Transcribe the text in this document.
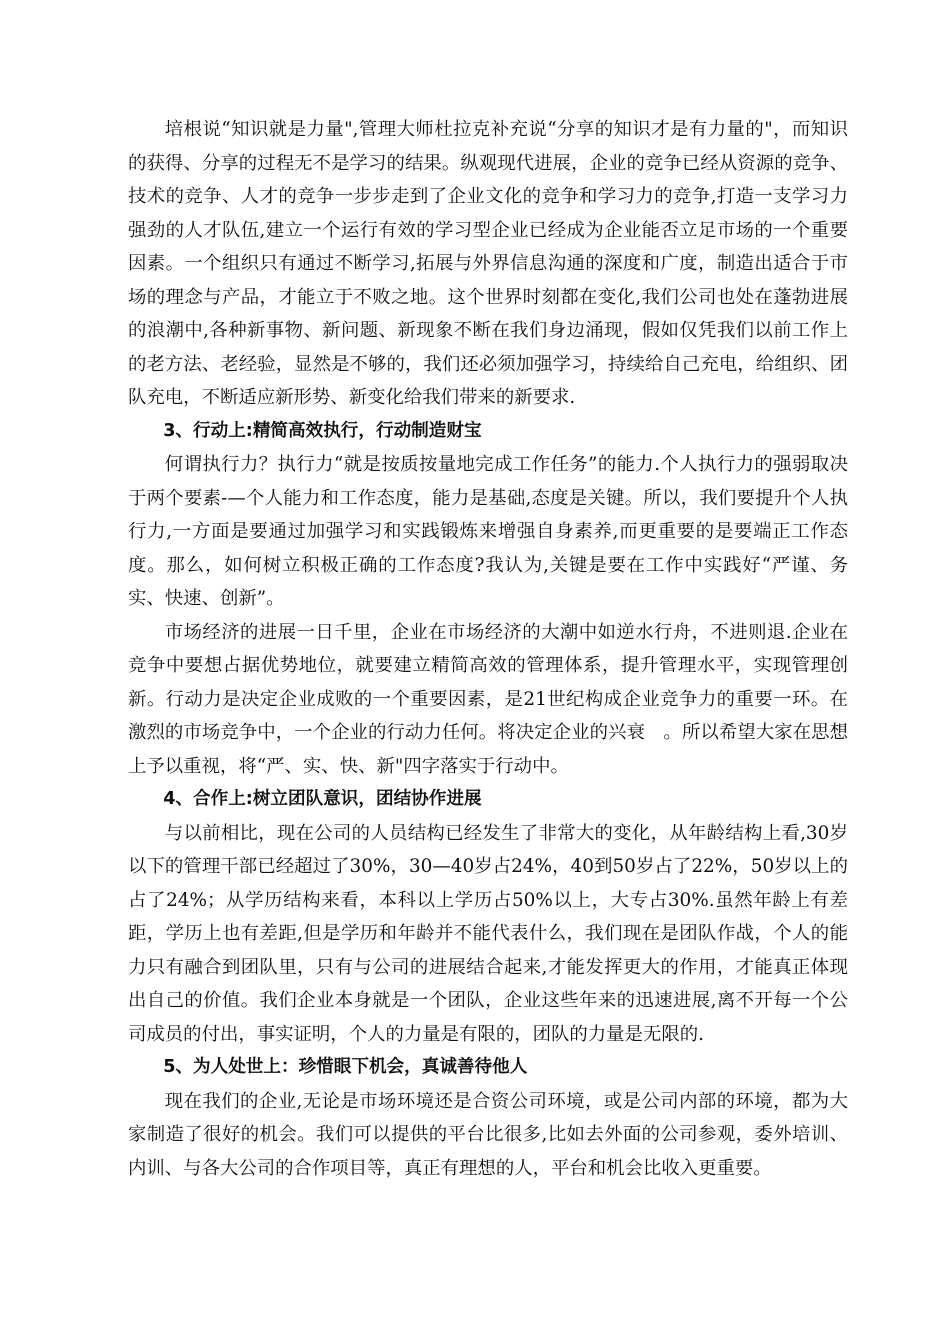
培根说“知识就是力量",管理大师杜拉克补充说“分享的知识才是有力量的"，而知识的获得、分享的过程无不是学习的结果。纵观现代进展，企业的竞争已经从资源的竞争、技术的竞争、人才的竞争一步步走到了企业文化的竞争和学习力的竞争,打造一支学习力强劲的人才队伍,建立一个运行有效的学习型企业已经成为企业能否立足市场的一个重要因素。一个组织只有通过不断学习,拓展与外界信息沟通的深度和广度，制造出适合于市场的理念与产品，才能立于不败之地。这个世界时刻都在变化,我们公司也处在蓬勃进展的浪潮中,各种新事物、新问题、新现象不断在我们身边涌现，假如仅凭我们以前工作上的老方法、老经验，显然是不够的，我们还必须加强学习，持续给自己充电，给组织、团队充电，不断适应新形势、新变化给我们带来的新要求.

3、行动上:精简高效执行，行动制造财宝

何谓执行力？执行力“就是按质按量地完成工作任务”的能力.个人执行力的强弱取决于两个要素-—个人能力和工作态度，能力是基础,态度是关键。所以，我们要提升个人执行力,一方面是要通过加强学习和实践锻炼来增强自身素养,而更重要的是要端正工作态度。那么，如何树立积极正确的工作态度?我认为,关键是要在工作中实践好“严谨、务实、快速、创新”。

市场经济的进展一日千里，企业在市场经济的大潮中如逆水行舟，不进则退.企业在竞争中要想占据优势地位，就要建立精简高效的管理体系，提升管理水平，实现管理创新。行动力是决定企业成败的一个重要因素，是21世纪构成企业竞争力的重要一环。在激烈的市场竞争中，一个企业的行动力任何。将决定企业的兴衰　。所以希望大家在思想上予以重视，将“严、实、快、新"四字落实于行动中。

4、合作上:树立团队意识，团结协作进展

与以前相比，现在公司的人员结构已经发生了非常大的变化，从年龄结构上看,30岁以下的管理干部已经超过了30%，30—40岁占24%，40到50岁占了22%，50岁以上的占了24%；从学历结构来看，本科以上学历占50%以上，大专占30%.虽然年龄上有差距，学历上也有差距,但是学历和年龄并不能代表什么，我们现在是团队作战，个人的能力只有融合到团队里，只有与公司的进展结合起来,才能发挥更大的作用，才能真正体现出自己的价值。我们企业本身就是一个团队，企业这些年来的迅速进展,离不开每一个公司成员的付出，事实证明，个人的力量是有限的，团队的力量是无限的.

5、为人处世上：珍惜眼下机会，真诚善待他人

现在我们的企业,无论是市场环境还是合资公司环境，或是公司内部的环境，都为大家制造了很好的机会。我们可以提供的平台比很多,比如去外面的公司参观，委外培训、内训、与各大公司的合作项目等，真正有理想的人，平台和机会比收入更重要。
